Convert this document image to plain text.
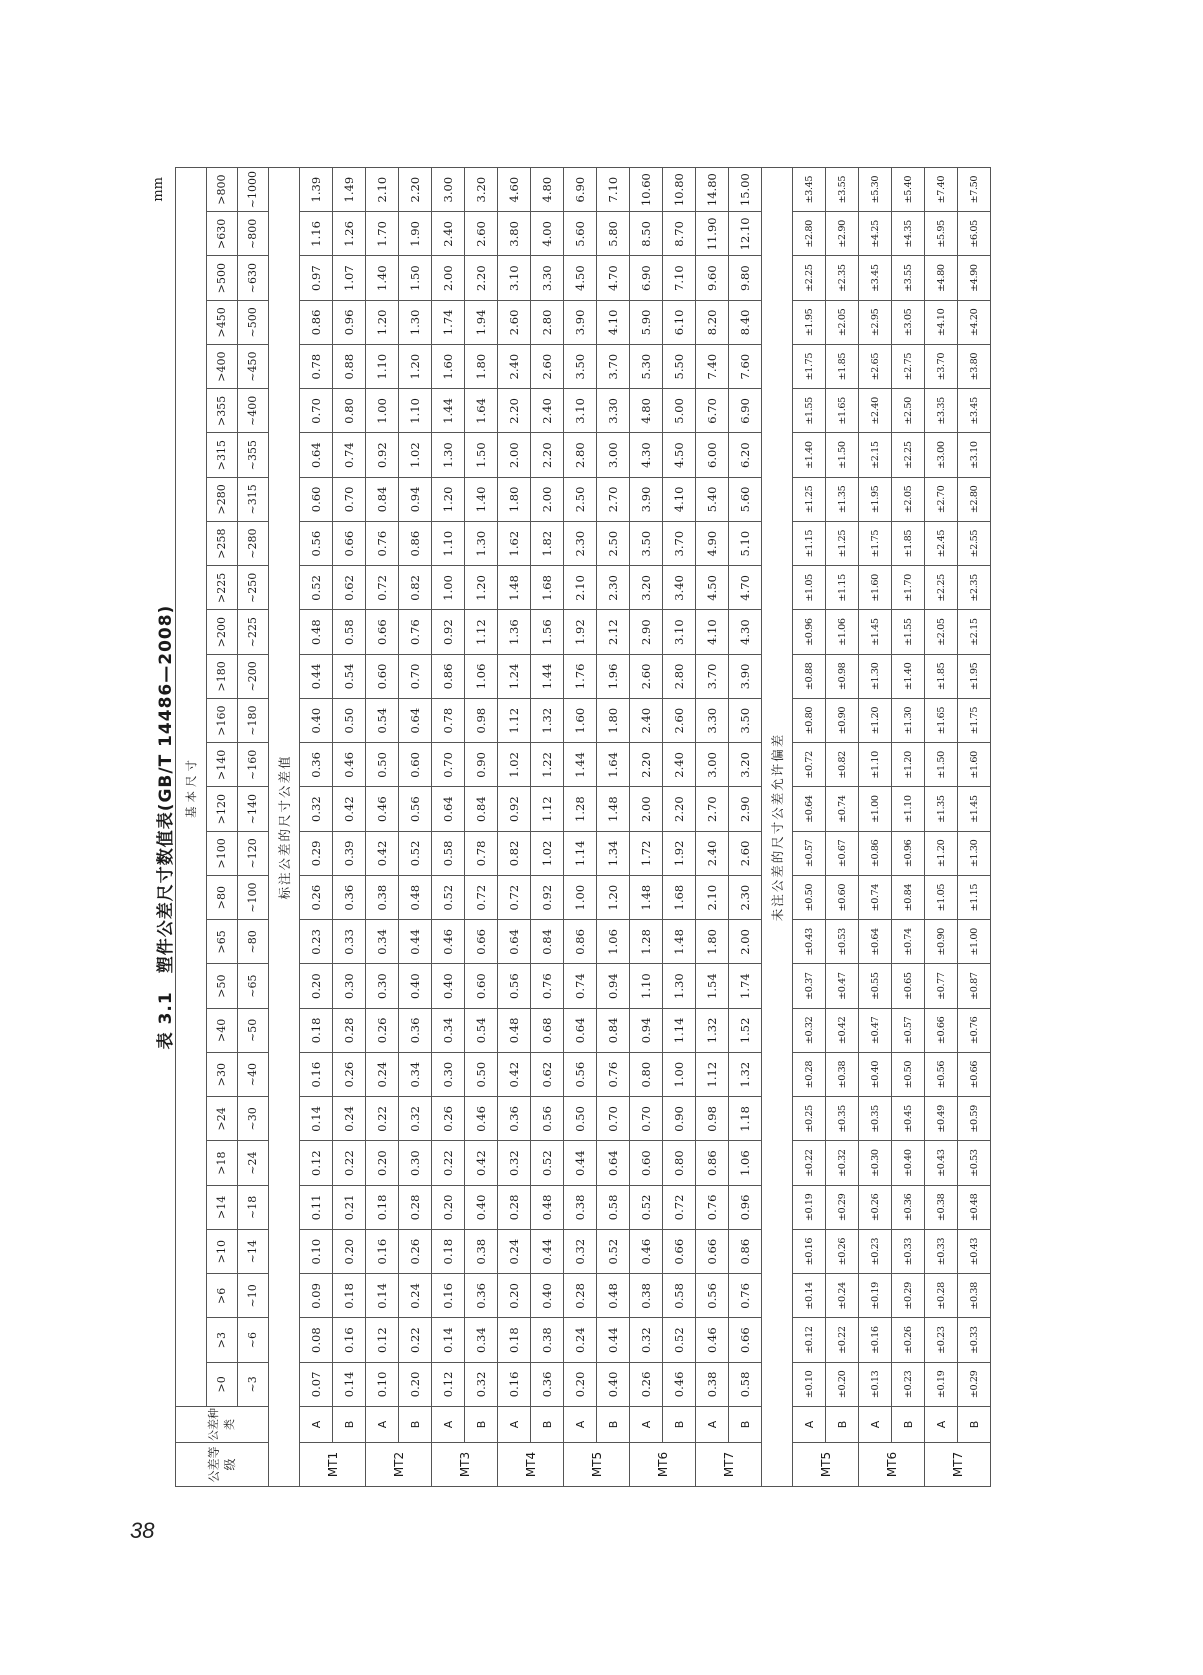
38
表 3.1　塑件公差尺寸数值表(GB/T 14486—2008)
mm
公差等级	公差种类	基本尺寸																											
		>0	>3	>6	>10	>14	>18	>24	>30	>40	>50	>65	>80	>100	>120	>140	>160	>180	>200	>225	>258	>280	>315	>355	>400	>450	>500	>630	>800
		~3	~6	~10	~14	~18	~24	~30	~40	~50	~65	~80	~100	~120	~140	~160	~180	~200	~225	~250	~280	~315	~355	~400	~450	~500	~630	~800	~1000
标注公差的尺寸公差值																													
MT1	A	0.07	0.08	0.09	0.10	0.11	0.12	0.14	0.16	0.18	0.20	0.23	0.26	0.29	0.32	0.36	0.40	0.44	0.48	0.52	0.56	0.60	0.64	0.70	0.78	0.86	0.97	1.16	1.39
	B	0.14	0.16	0.18	0.20	0.21	0.22	0.24	0.26	0.28	0.30	0.33	0.36	0.39	0.42	0.46	0.50	0.54	0.58	0.62	0.66	0.70	0.74	0.80	0.88	0.96	1.07	1.26	1.49
MT2	A	0.10	0.12	0.14	0.16	0.18	0.20	0.22	0.24	0.26	0.30	0.34	0.38	0.42	0.46	0.50	0.54	0.60	0.66	0.72	0.76	0.84	0.92	1.00	1.10	1.20	1.40	1.70	2.10
	B	0.20	0.22	0.24	0.26	0.28	0.30	0.32	0.34	0.36	0.40	0.44	0.48	0.52	0.56	0.60	0.64	0.70	0.76	0.82	0.86	0.94	1.02	1.10	1.20	1.30	1.50	1.90	2.20
MT3	A	0.12	0.14	0.16	0.18	0.20	0.22	0.26	0.30	0.34	0.40	0.46	0.52	0.58	0.64	0.70	0.78	0.86	0.92	1.00	1.10	1.20	1.30	1.44	1.60	1.74	2.00	2.40	3.00
	B	0.32	0.34	0.36	0.38	0.40	0.42	0.46	0.50	0.54	0.60	0.66	0.72	0.78	0.84	0.90	0.98	1.06	1.12	1.20	1.30	1.40	1.50	1.64	1.80	1.94	2.20	2.60	3.20
MT4	A	0.16	0.18	0.20	0.24	0.28	0.32	0.36	0.42	0.48	0.56	0.64	0.72	0.82	0.92	1.02	1.12	1.24	1.36	1.48	1.62	1.80	2.00	2.20	2.40	2.60	3.10	3.80	4.60
	B	0.36	0.38	0.40	0.44	0.48	0.52	0.56	0.62	0.68	0.76	0.84	0.92	1.02	1.12	1.22	1.32	1.44	1.56	1.68	1.82	2.00	2.20	2.40	2.60	2.80	3.30	4.00	4.80
MT5	A	0.20	0.24	0.28	0.32	0.38	0.44	0.50	0.56	0.64	0.74	0.86	1.00	1.14	1.28	1.44	1.60	1.76	1.92	2.10	2.30	2.50	2.80	3.10	3.50	3.90	4.50	5.60	6.90
	B	0.40	0.44	0.48	0.52	0.58	0.64	0.70	0.76	0.84	0.94	1.06	1.20	1.34	1.48	1.64	1.80	1.96	2.12	2.30	2.50	2.70	3.00	3.30	3.70	4.10	4.70	5.80	7.10
MT6	A	0.26	0.32	0.38	0.46	0.52	0.60	0.70	0.80	0.94	1.10	1.28	1.48	1.72	2.00	2.20	2.40	2.60	2.90	3.20	3.50	3.90	4.30	4.80	5.30	5.90	6.90	8.50	10.60
	B	0.46	0.52	0.58	0.66	0.72	0.80	0.90	1.00	1.14	1.30	1.48	1.68	1.92	2.20	2.40	2.60	2.80	3.10	3.40	3.70	4.10	4.50	5.00	5.50	6.10	7.10	8.70	10.80
MT7	A	0.38	0.46	0.56	0.66	0.76	0.86	0.98	1.12	1.32	1.54	1.80	2.10	2.40	2.70	3.00	3.30	3.70	4.10	4.50	4.90	5.40	6.00	6.70	7.40	8.20	9.60	11.90	14.80
	B	0.58	0.66	0.76	0.86	0.96	1.06	1.18	1.32	1.52	1.74	2.00	2.30	2.60	2.90	3.20	3.50	3.90	4.30	4.70	5.10	5.60	6.20	6.90	7.60	8.40	9.80	12.10	15.00
未注公差的尺寸公差允许偏差																													
MT5	A	±0.10	±0.12	±0.14	±0.16	±0.19	±0.22	±0.25	±0.28	±0.32	±0.37	±0.43	±0.50	±0.57	±0.64	±0.72	±0.80	±0.88	±0.96	±1.05	±1.15	±1.25	±1.40	±1.55	±1.75	±1.95	±2.25	±2.80	±3.45
	B	±0.20	±0.22	±0.24	±0.26	±0.29	±0.32	±0.35	±0.38	±0.42	±0.47	±0.53	±0.60	±0.67	±0.74	±0.82	±0.90	±0.98	±1.06	±1.15	±1.25	±1.35	±1.50	±1.65	±1.85	±2.05	±2.35	±2.90	±3.55
MT6	A	±0.13	±0.16	±0.19	±0.23	±0.26	±0.30	±0.35	±0.40	±0.47	±0.55	±0.64	±0.74	±0.86	±1.00	±1.10	±1.20	±1.30	±1.45	±1.60	±1.75	±1.95	±2.15	±2.40	±2.65	±2.95	±3.45	±4.25	±5.30
	B	±0.23	±0.26	±0.29	±0.33	±0.36	±0.40	±0.45	±0.50	±0.57	±0.65	±0.74	±0.84	±0.96	±1.10	±1.20	±1.30	±1.40	±1.55	±1.70	±1.85	±2.05	±2.25	±2.50	±2.75	±3.05	±3.55	±4.35	±5.40
MT7	A	±0.19	±0.23	±0.28	±0.33	±0.38	±0.43	±0.49	±0.56	±0.66	±0.77	±0.90	±1.05	±1.20	±1.35	±1.50	±1.65	±1.85	±2.05	±2.25	±2.45	±2.70	±3.00	±3.35	±3.70	±4.10	±4.80	±5.95	±7.40
	B	±0.29	±0.33	±0.38	±0.43	±0.48	±0.53	±0.59	±0.66	±0.76	±0.87	±1.00	±1.15	±1.30	±1.45	±1.60	±1.75	±1.95	±2.15	±2.35	±2.55	±2.80	±3.10	±3.45	±3.80	±4.20	±4.90	±6.05	±7.50
